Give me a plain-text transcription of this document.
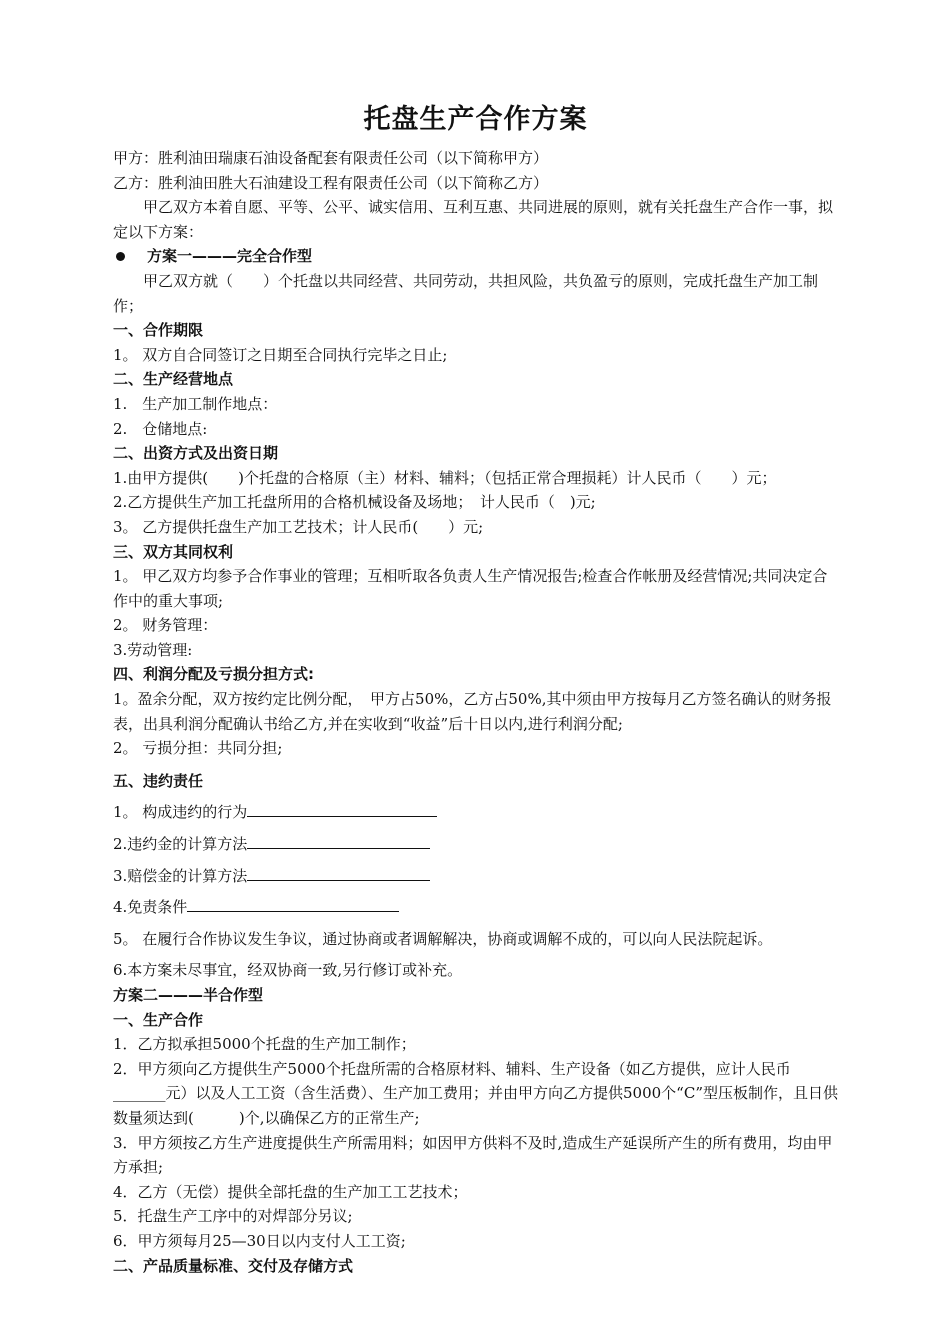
托盘生产合作方案

甲方：胜利油田瑞康石油设备配套有限责任公司（以下简称甲方）

乙方：胜利油田胜大石油建设工程有限责任公司（以下简称乙方）

甲乙双方本着自愿、平等、公平、诚实信用、互利互惠、共同进展的原则，就有关托盘生产合作一事，拟定以下方案：

方案一———完全合作型

甲乙双方就（　　）个托盘以共同经营、共同劳动，共担风险，共负盈亏的原则，完成托盘生产加工制作；

一、合作期限

1。 双方自合同签订之日期至合同执行完毕之日止;

二、生产经营地点

1.　生产加工制作地点：

2.　仓储地点:

二、出资方式及出资日期

1.由甲方提供(　　)个托盘的合格原（主）材料、辅料；（包括正常合理损耗）计人民币（　　）元；

2.乙方提供生产加工托盘所用的合格机械设备及场地；　计人民币（　)元;

3。 乙方提供托盘生产加工艺技术；计人民币(　　）元;

三、双方其同权利

1。 甲乙双方均参予合作事业的管理；互相听取各负责人生产情况报告;检查合作帐册及经营情况;共同决定合作中的重大事项;

2。 财务管理：

3.劳动管理:

四、利润分配及亏损分担方式:

1。盈余分配，双方按约定比例分配，　甲方占50%，乙方占50%,其中须由甲方按每月乙方签名确认的财务报表，出具利润分配确认书给乙方,并在实收到“收益”后十日以内,进行利润分配;

2。 亏损分担：共同分担;

五、违约责任

1。 构成违约的行为

2.违约金的计算方法

3.赔偿金的计算方法

4.免责条件

5。 在履行合作协议发生争议，通过协商或者调解解决，协商或调解不成的，可以向人民法院起诉。

6.本方案未尽事宜，经双协商一致,另行修订或补充。

方案二———半合作型

一、生产合作

1．乙方拟承担5000个托盘的生产加工制作；

2．甲方须向乙方提供生产5000个托盘所需的合格原材料、辅料、生产设备（如乙方提供，应计人民币_______元）以及人工工资（含生活费）、生产加工费用；并由甲方向乙方提供5000个“C”型压板制作，且日供数量须达到(　　　)个,以确保乙方的正常生产;

3．甲方须按乙方生产进度提供生产所需用料；如因甲方供料不及时,造成生产延误所产生的所有费用，均由甲方承担;

4．乙方（无偿）提供全部托盘的生产加工工艺技术；

5．托盘生产工序中的对焊部分另议;

6．甲方须每月25—30日以内支付人工工资;

二、产品质量标准、交付及存储方式
